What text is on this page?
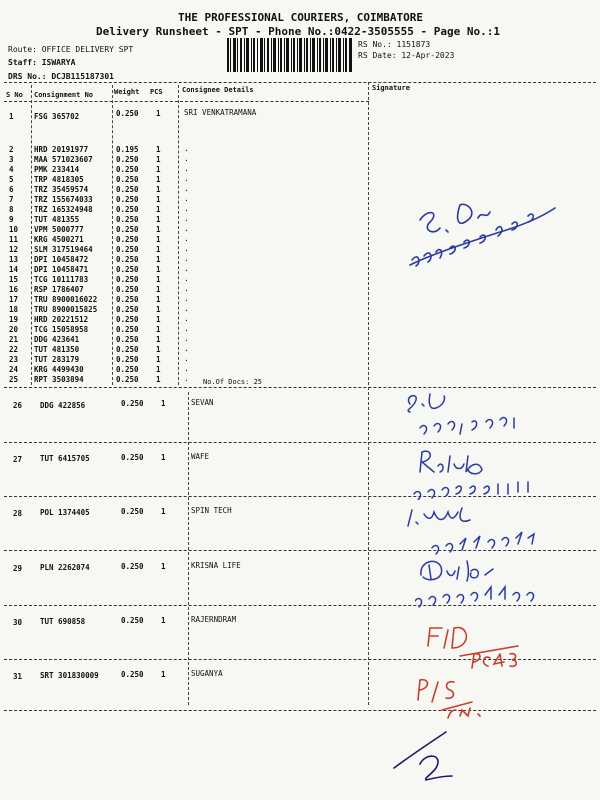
THE PROFESSIONAL COURIERS, COIMBATORE
Delivery Runsheet - SPT - Phone No.:0422-3505555 - Page No.:1
Route: OFFICE DELIVERY SPT
Staff: ISWARYA
DRS No.: DCJB115187301
RS No.: 1151873
RS Date: 12-Apr-2023
S No Consignment No	Weight PCS	Consignee Details	Signature
1	FSG 365702	0.250 1	SRI VENKATRAMANA
2	HRD 20191977	0.195 1
3	MAA 571023607	0.250 1
4	PMK 233414	0.250 1
5	TRP 4818305	0.250 1
6	TRZ 35459574	0.250 1
7	TRZ 155674033	0.250 1
8	TRZ 165324948	0.250 1
9	TUT 481355	0.250 1
10 VPM 5000777	0.250 1
11 KRG 4500271	0.250 1
12 SLM 317519464	0.250 1
13 DPI 10458472	0.250 1
14 DPI 10458471	0.250 1
15 TCG 10111783	0.250 1
16 RSP 1786407	0.250 1
17 TRU 8900016022	0.250 1
18 TRU 8900015825	0.250 1
19 HRD 20221512	0.250 1
20 TCG 15058958	0.250 1
21 DDG 423641	0.250 1
22 TUT 481350	0.250 1
23 TUT 283179	0.250 1
24 KRG 4499430	0.250 1
25 RPT 3503894	0.250 1
.
.
.
.
.
.
.
.
.
.
.
.
.
.
.
.
.
.
.
.
.
.
.
. No.Of Docs: 25
26 DDG 422856	0.250 1	SEVAN
27 TUT 6415705	0.250 1	WAFE
28 POL 1374405	0.250 1	SPIN TECH
29 PLN 2262074	0.250 1	KRISNA LIFE
30 TUT 690858	0.250 1	RAJERNDRAM
31 SRT 301830009	0.250 1	SUGANYA
